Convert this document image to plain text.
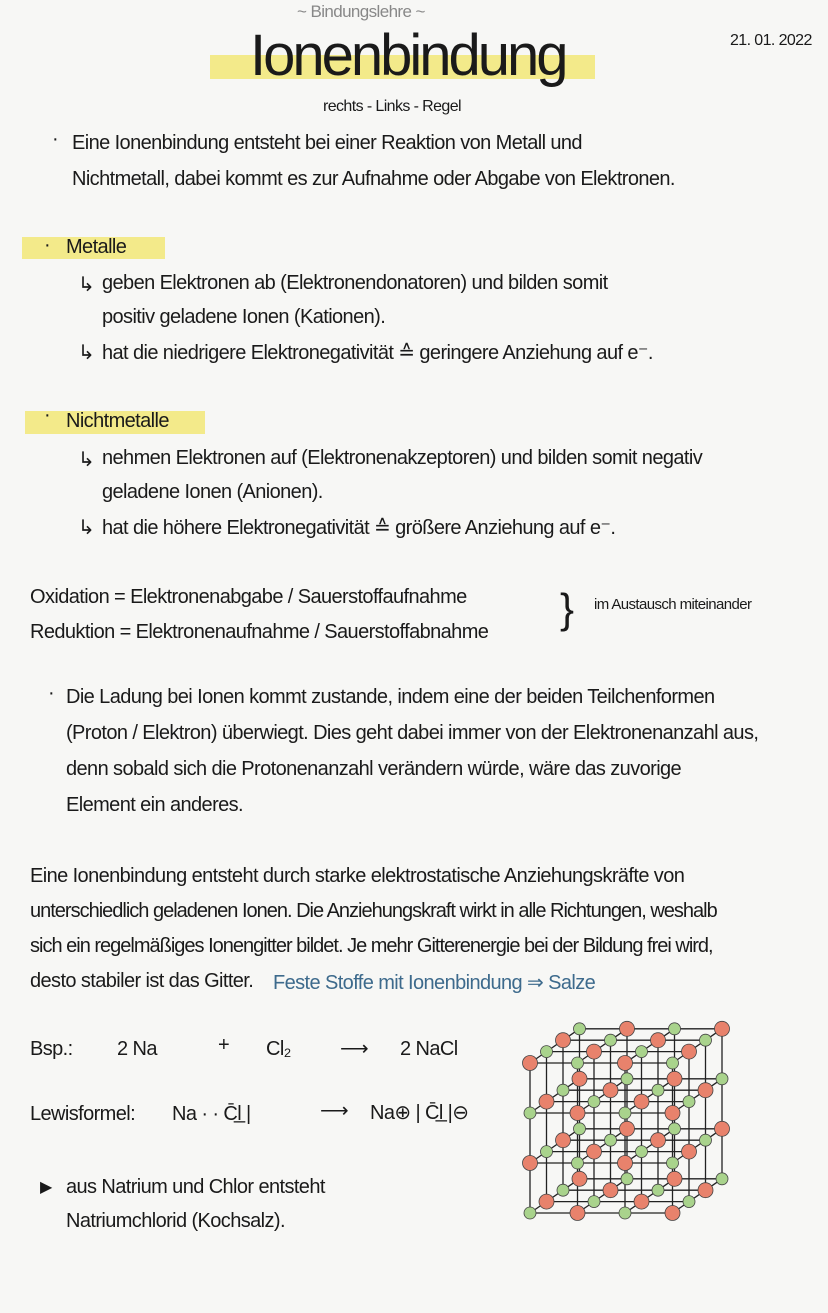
~ Bindungslehre ~
Ionenbindung	21. 01. 2022
rechts - Links - Regel
· Eine Ionenbindung entsteht bei einer Reaktion von Metall und
Nichtmetall, dabei kommt es zur Aufnahme oder Abgabe von Elektronen.
· Metalle
↳ geben Elektronen ab (Elektronendonatoren) und bilden somit
positiv geladene Ionen (Kationen).
↳ hat die niedrigere Elektronegativität ≙ geringere Anziehung auf e⁻.
· Nichtmetalle
↳ nehmen Elektronen auf (Elektronenakzeptoren) und bilden somit negativ
geladene Ionen (Anionen).
↳ hat die höhere Elektronegativität ≙ größere Anziehung auf e⁻.
Oxidation = Elektronenabgabe / Sauerstoffaufnahme
Reduktion = Elektronenaufnahme / Sauerstoffabnahme } im Austausch miteinander
· Die Ladung bei Ionen kommt zustande, indem eine der beiden Teilchenformen
(Proton / Elektron) überwiegt. Dies geht dabei immer von der Elektronenanzahl aus,
denn sobald sich die Protonenanzahl verändern würde, wäre das zuvorige
Element ein anderes.
Eine Ionenbindung entsteht durch starke elektrostatische Anziehungskräfte von
unterschiedlich geladenen Ionen. Die Anziehungskraft wirkt in alle Richtungen, weshalb
sich ein regelmäßiges Ionengitter bildet. Je mehr Gitterenergie bei der Bildung frei wird,
desto stabiler ist das Gitter. Feste Stoffe mit Ionenbindung ⇒ Salze
Bsp.: 2 Na	+ Cl₂ ⟶ 2 NaCl
Lewisformel: Na · · C̄l̲ |	⟶ Na⊕ | C̄l̲ |⊖
▶ aus Natrium und Chlor entsteht
Natriumchlorid (Kochsalz).
